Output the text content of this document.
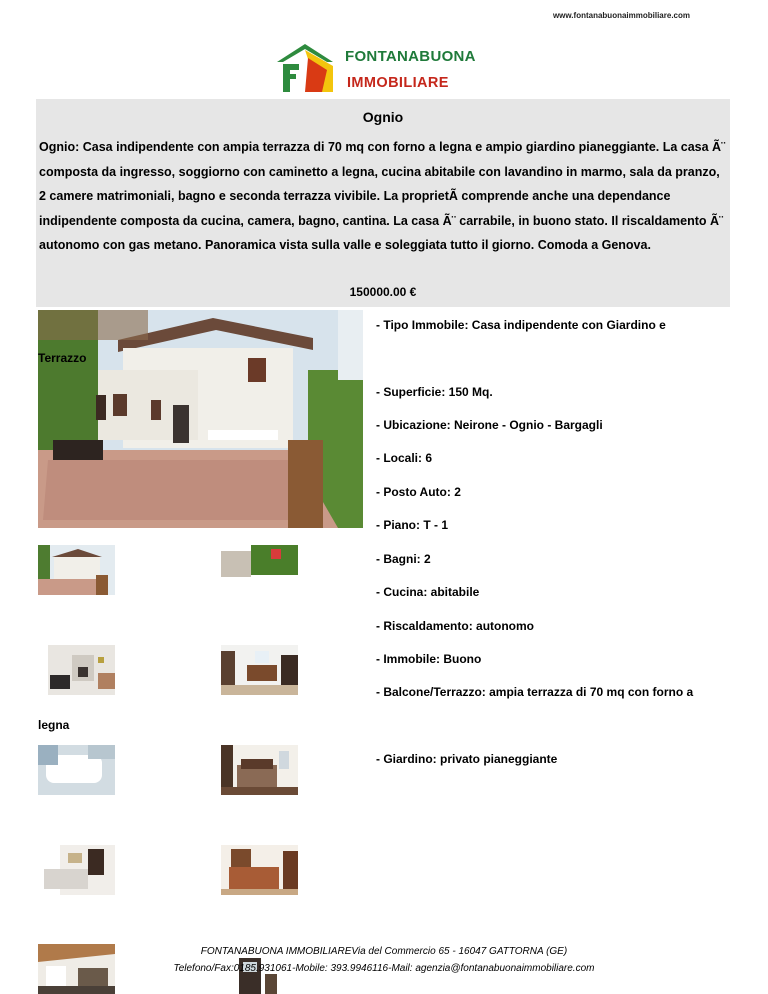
www.fontanabuonaimmobiliare.com
FONTANABUONA
IMMOBILIARE
Ognio
Ognio: Casa indipendente con ampia terrazza di 70 mq con forno a legna e ampio giardino pianeggiante. La casa Ã¨ composta da ingresso, soggiorno con caminetto a legna, cucina abitabile con lavandino in marmo, sala da pranzo, 2 camere matrimoniali, bagno e seconda terrazza vivibile. La proprietÃ comprende anche una dependance indipendente composta da cucina, camera, bagno, cantina. La casa Ã¨ carrabile, in buono stato. Il riscaldamento Ã¨ autonomo con gas metano. Panoramica vista sulla valle e soleggiata tutto il giorno. Comoda a Genova.
150000.00 €
- Tipo Immobile: Casa indipendente con Giardino e
Terrazzo
- Superficie: 150 Mq.
- Ubicazione: Neirone - Ognio - Bargagli
- Locali: 6
- Posto Auto: 2
- Piano: T - 1
- Bagni: 2
- Cucina: abitabile
- Riscaldamento: autonomo
- Immobile: Buono
- Balcone/Terrazzo: ampia terrazza di 70 mq con forno a
legna
- Giardino: privato pianeggiante
FONTANABUONA IMMOBILIAREVia del Commercio 65 - 16047 GATTORNA (GE)
Telefono/Fax:0185.931061-Mobile: 393.9946116-Mail: agenzia@fontanabuonaimmobiliare.com
